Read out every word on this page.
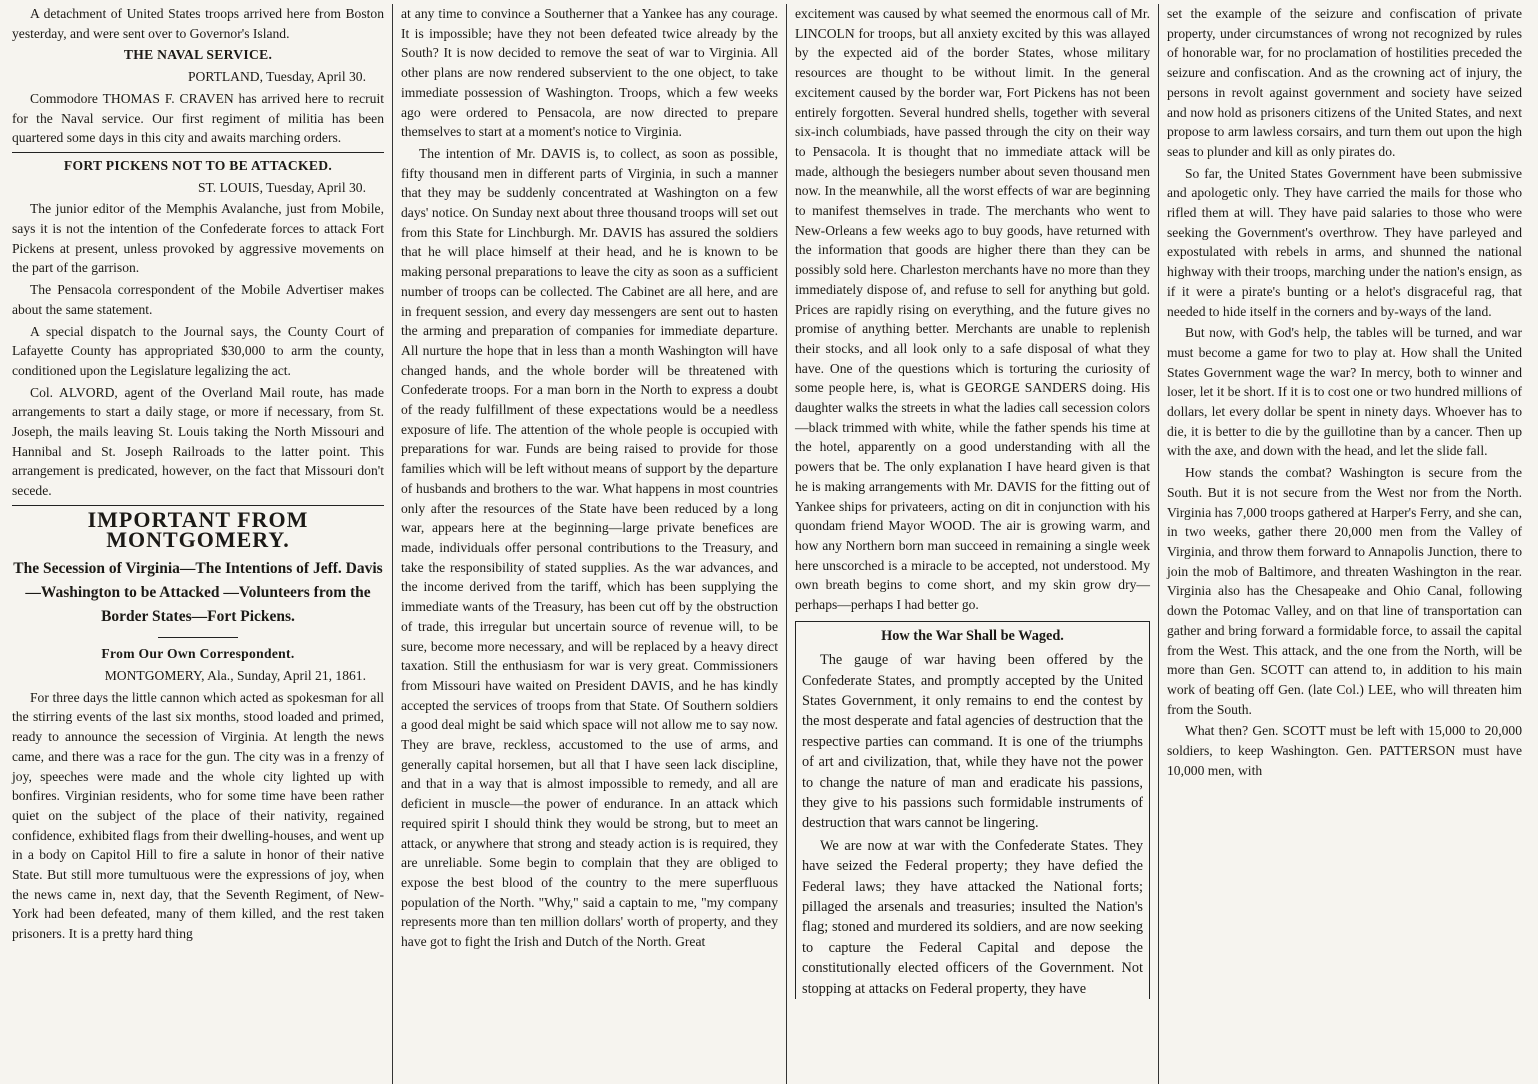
A detachment of United States troops arrived here from Boston yesterday, and were sent over to Governor's Island.

THE NAVAL SERVICE.

PORTLAND, Tuesday, April 30.

Commodore THOMAS F. CRAVEN has arrived here to recruit for the Naval service. Our first regiment of militia has been quartered some days in this city and awaits marching orders.

FORT PICKENS NOT TO BE ATTACKED.

ST. LOUIS, Tuesday, April 30.

The junior editor of the Memphis Avalanche, just from Mobile, says it is not the intention of the Confederate forces to attack Fort Pickens at present, unless provoked by aggressive movements on the part of the garrison.

The Pensacola correspondent of the Mobile Advertiser makes about the same statement.

A special dispatch to the Journal says, the County Court of Lafayette County has appropriated $30,000 to arm the county, conditioned upon the Legislature legalizing the act.

Col. ALVORD, agent of the Overland Mail route, has made arrangements to start a daily stage, or more if necessary, from St. Joseph, the mails leaving St. Louis taking the North Missouri and Hannibal and St. Joseph Railroads to the latter point. This arrangement is predicated, however, on the fact that Missouri don't secede.

IMPORTANT FROM MONTGOMERY.

The Secession of Virginia—The Intentions of Jeff. Davis—Washington to be Attacked —Volunteers from the Border States—Fort Pickens.

From Our Own Correspondent.

MONTGOMERY, Ala., Sunday, April 21, 1861.

For three days the little cannon which acted as spokesman for all the stirring events of the last six months, stood loaded and primed, ready to announce the secession of Virginia. At length the news came, and there was a race for the gun. The city was in a frenzy of joy, speeches were made and the whole city lighted up with bonfires. Virginian residents, who for some time have been rather quiet on the subject of the place of their nativity, regained confidence, exhibited flags from their dwelling-houses, and went up in a body on Capitol Hill to fire a salute in honor of their native State. But still more tumultuous were the expressions of joy, when the news came in, next day, that the Seventh Regiment, of New-York had been defeated, many of them killed, and the rest taken prisoners. It is a pretty hard thing

at any time to convince a Southerner that a Yankee has any courage. It is impossible; have they not been defeated twice already by the South? It is now decided to remove the seat of war to Virginia. All other plans are now rendered subservient to the one object, to take immediate possession of Washington. Troops, which a few weeks ago were ordered to Pensacola, are now directed to prepare themselves to start at a moment's notice to Virginia.

The intention of Mr. DAVIS is, to collect, as soon as possible, fifty thousand men in different parts of Virginia, in such a manner that they may be suddenly concentrated at Washington on a few days' notice. On Sunday next about three thousand troops will set out from this State for Linchburgh. Mr. DAVIS has assured the soldiers that he will place himself at their head, and he is known to be making personal preparations to leave the city as soon as a sufficient number of troops can be collected. The Cabinet are all here, and are in frequent session, and every day messengers are sent out to hasten the arming and preparation of companies for immediate departure. All nurture the hope that in less than a month Washington will have changed hands, and the whole border will be threatened with Confederate troops. For a man born in the North to express a doubt of the ready fulfillment of these expectations would be a needless exposure of life. The attention of the whole people is occupied with preparations for war. Funds are being raised to provide for those families which will be left without means of support by the departure of husbands and brothers to the war. What happens in most countries only after the resources of the State have been reduced by a long war, appears here at the beginning—large private benefices are made, individuals offer personal contributions to the Treasury, and take the responsibility of stated supplies. As the war advances, and the income derived from the tariff, which has been supplying the immediate wants of the Treasury, has been cut off by the obstruction of trade, this irregular but uncertain source of revenue will, to be sure, become more necessary, and will be replaced by a heavy direct taxation. Still the enthusiasm for war is very great. Commissioners from Missouri have waited on President DAVIS, and he has kindly accepted the services of troops from that State. Of Southern soldiers a good deal might be said which space will not allow me to say now. They are brave, reckless, accustomed to the use of arms, and generally capital horsemen, but all that I have seen lack discipline, and that in a way that is almost impossible to remedy, and all are deficient in muscle—the power of endurance. In an attack which required spirit I should think they would be strong, but to meet an attack, or anywhere that strong and steady action is is required, they are unreliable. Some begin to complain that they are obliged to expose the best blood of the country to the mere superfluous population of the North. "Why," said a captain to me, "my company represents more than ten million dollars' worth of property, and they have got to fight the Irish and Dutch of the North. Great

excitement was caused by what seemed the enormous call of Mr. LINCOLN for troops, but all anxiety excited by this was allayed by the expected aid of the border States, whose military resources are thought to be without limit. In the general excitement caused by the border war, Fort Pickens has not been entirely forgotten. Several hundred shells, together with several six-inch columbiads, have passed through the city on their way to Pensacola. It is thought that no immediate attack will be made, although the besiegers number about seven thousand men now. In the meanwhile, all the worst effects of war are beginning to manifest themselves in trade. The merchants who went to New-Orleans a few weeks ago to buy goods, have returned with the information that goods are higher there than they can be possibly sold here. Charleston merchants have no more than they immediately dispose of, and refuse to sell for anything but gold. Prices are rapidly rising on everything, and the future gives no promise of anything better. Merchants are unable to replenish their stocks, and all look only to a safe disposal of what they have. One of the questions which is torturing the curiosity of some people here, is, what is GEORGE SANDERS doing. His daughter walks the streets in what the ladies call secession colors—black trimmed with white, while the father spends his time at the hotel, apparently on a good understanding with all the powers that be. The only explanation I have heard given is that he is making arrangements with Mr. DAVIS for the fitting out of Yankee ships for privateers, acting on dit in conjunction with his quondam friend Mayor WOOD. The air is growing warm, and how any Northern born man succeed in remaining a single week here unscorched is a miracle to be accepted, not understood. My own breath begins to come short, and my skin grow dry—perhaps—perhaps I had better go.

How the War Shall be Waged.

The gauge of war having been offered by the Confederate States, and promptly accepted by the United States Government, it only remains to end the contest by the most desperate and fatal agencies of destruction that the respective parties can command. It is one of the triumphs of art and civilization, that, while they have not the power to change the nature of man and eradicate his passions, they give to his passions such formidable instruments of destruction that wars cannot be lingering.

We are now at war with the Confederate States. They have seized the Federal property; they have defied the Federal laws; they have attacked the National forts; pillaged the arsenals and treasuries; insulted the Nation's flag; stoned and murdered its soldiers, and are now seeking to capture the Federal Capital and depose the constitutionally elected officers of the Government. Not stopping at attacks on Federal property, they have

set the example of the seizure and confiscation of private property, under circumstances of wrong not recognized by rules of honorable war, for no proclamation of hostilities preceded the seizure and confiscation. And as the crowning act of injury, the persons in revolt against government and society have seized and now hold as prisoners citizens of the United States, and next propose to arm lawless corsairs, and turn them out upon the high seas to plunder and kill as only pirates do.

So far, the United States Government have been submissive and apologetic only. They have carried the mails for those who rifled them at will. They have paid salaries to those who were seeking the Government's overthrow. They have parleyed and expostulated with rebels in arms, and shunned the national highway with their troops, marching under the nation's ensign, as if it were a pirate's bunting or a helot's disgraceful rag, that needed to hide itself in the corners and by-ways of the land.

But now, with God's help, the tables will be turned, and war must become a game for two to play at. How shall the United States Government wage the war? In mercy, both to winner and loser, let it be short. If it is to cost one or two hundred millions of dollars, let every dollar be spent in ninety days. Whoever has to die, it is better to die by the guillotine than by a cancer. Then up with the axe, and down with the head, and let the slide fall.

How stands the combat? Washington is secure from the South. But it is not secure from the West nor from the North. Virginia has 7,000 troops gathered at Harper's Ferry, and she can, in two weeks, gather there 20,000 men from the Valley of Virginia, and throw them forward to Annapolis Junction, there to join the mob of Baltimore, and threaten Washington in the rear. Virginia also has the Chesapeake and Ohio Canal, following down the Potomac Valley, and on that line of transportation can gather and bring forward a formidable force, to assail the capital from the West. This attack, and the one from the North, will be more than Gen. SCOTT can attend to, in addition to his main work of beating off Gen. (late Col.) LEE, who will threaten him from the South.

What then? Gen. SCOTT must be left with 15,000 to 20,000 soldiers, to keep Washington. Gen. PATTERSON must have 10,000 men, with
